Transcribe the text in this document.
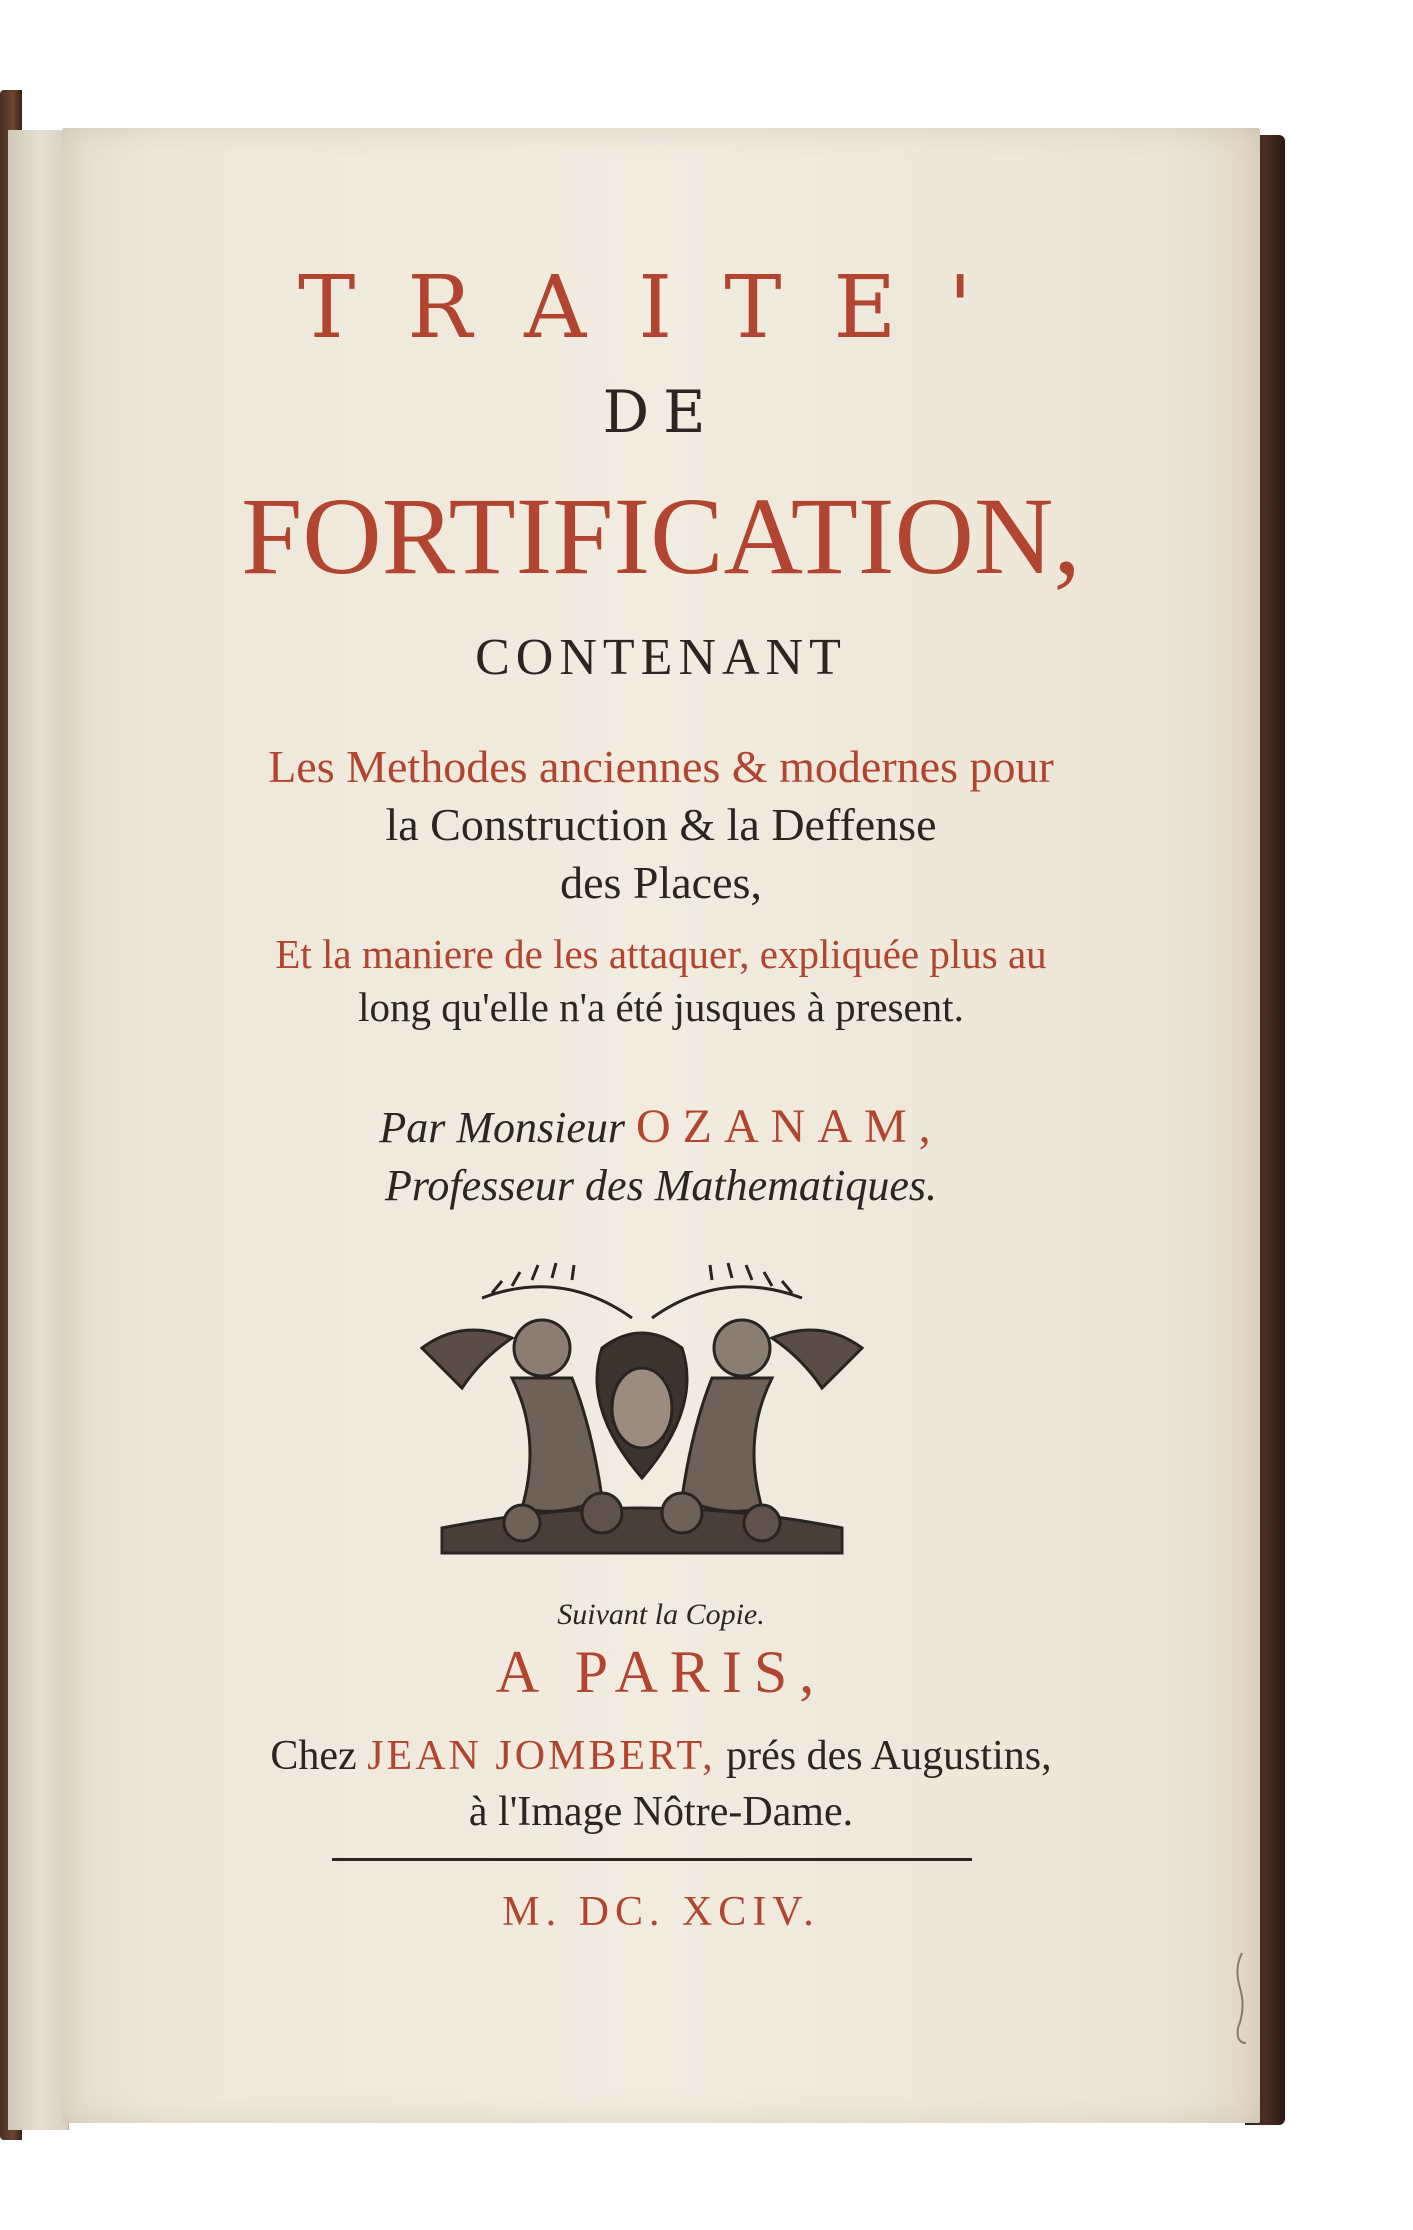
TRAITE'
DE
FORTIFICATION,
CONTENANT
Les Methodes anciennes & modernes pour
la Construction & la Deffense
des Places,
Et la maniere de les attaquer, expliquée plus au
long qu'elle n'a été jusques à present.
Par Monsieur OZANAM,
Professeur des Mathematiques.
Suivant la Copie.
A PARIS,
Chez JEAN JOMBERT, prés des Augustins,
à l'Image Nôtre-Dame.
M. DC. XCIV.
